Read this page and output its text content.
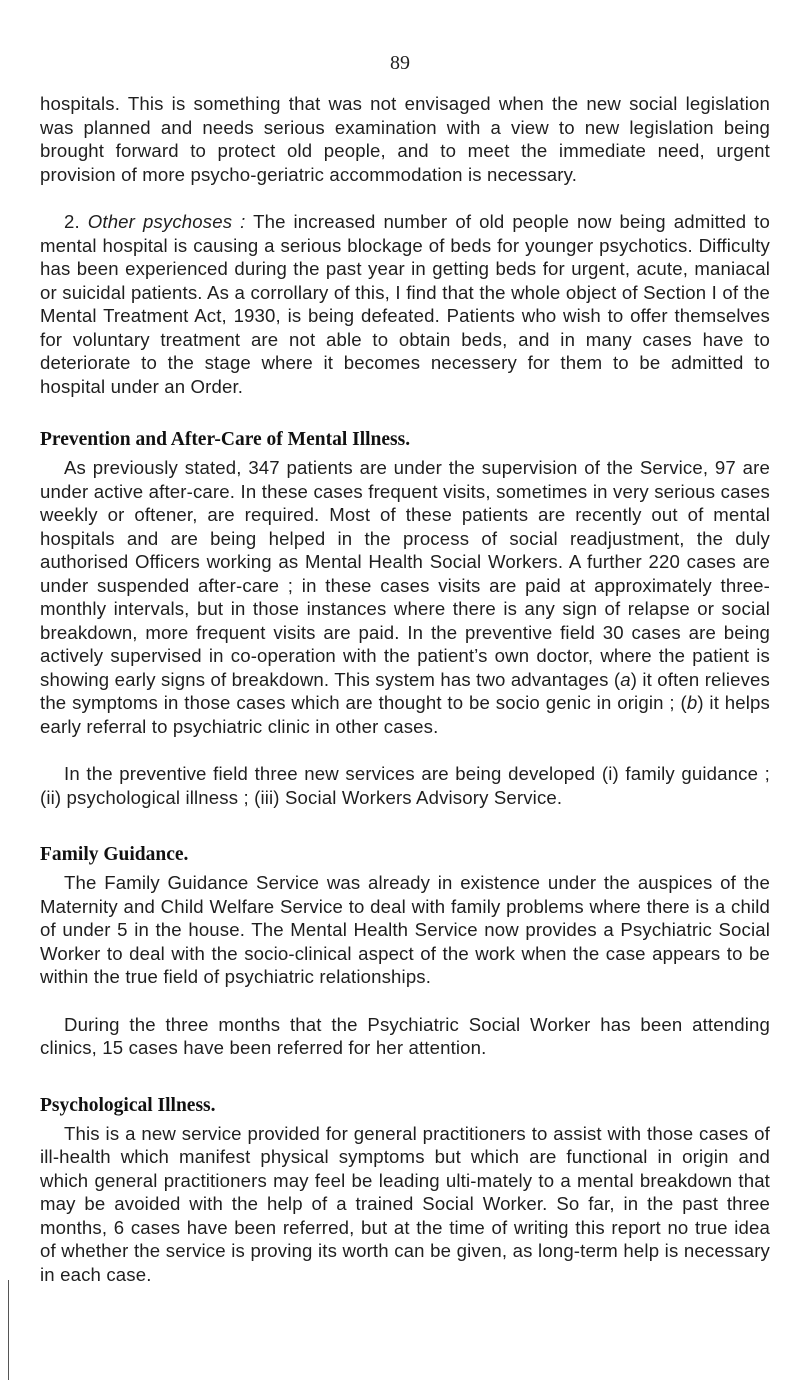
89

hospitals. This is something that was not envisaged when the new social legislation was planned and needs serious examination with a view to new legislation being brought forward to protect old people, and to meet the immediate need, urgent provision of more psycho-geriatric accommodation is necessary.

2. Other psychoses : The increased number of old people now being admitted to mental hospital is causing a serious blockage of beds for younger psychotics. Difficulty has been experienced during the past year in getting beds for urgent, acute, maniacal or suicidal patients. As a corrollary of this, I find that the whole object of Section I of the Mental Treatment Act, 1930, is being defeated. Patients who wish to offer themselves for voluntary treatment are not able to obtain beds, and in many cases have to deteriorate to the stage where it becomes necessery for them to be admitted to hospital under an Order.

Prevention and After-Care of Mental Illness.

As previously stated, 347 patients are under the supervision of the Service, 97 are under active after-care. In these cases frequent visits, sometimes in very serious cases weekly or oftener, are required. Most of these patients are recently out of mental hospitals and are being helped in the process of social readjustment, the duly authorised Officers working as Mental Health Social Workers. A further 220 cases are under suspended after-care ; in these cases visits are paid at approximately three-monthly intervals, but in those instances where there is any sign of relapse or social breakdown, more frequent visits are paid. In the preventive field 30 cases are being actively supervised in co-operation with the patient’s own doctor, where the patient is showing early signs of breakdown. This system has two advantages (a) it often relieves the symptoms in those cases which are thought to be socio genic in origin ; (b) it helps early referral to psychiatric clinic in other cases.

In the preventive field three new services are being developed (i) family guidance ; (ii) psychological illness ; (iii) Social Workers Advisory Service.

Family Guidance.

The Family Guidance Service was already in existence under the auspices of the Maternity and Child Welfare Service to deal with family problems where there is a child of under 5 in the house. The Mental Health Service now provides a Psychiatric Social Worker to deal with the socio-clinical aspect of the work when the case appears to be within the true field of psychiatric relationships.

During the three months that the Psychiatric Social Worker has been attending clinics, 15 cases have been referred for her attention.

Psychological Illness.

This is a new service provided for general practitioners to assist with those cases of ill-health which manifest physical symptoms but which are functional in origin and which general practitioners may feel be leading ulti-mately to a mental breakdown that may be avoided with the help of a trained Social Worker. So far, in the past three months, 6 cases have been referred, but at the time of writing this report no true idea of whether the service is proving its worth can be given, as long-term help is necessary in each case.
